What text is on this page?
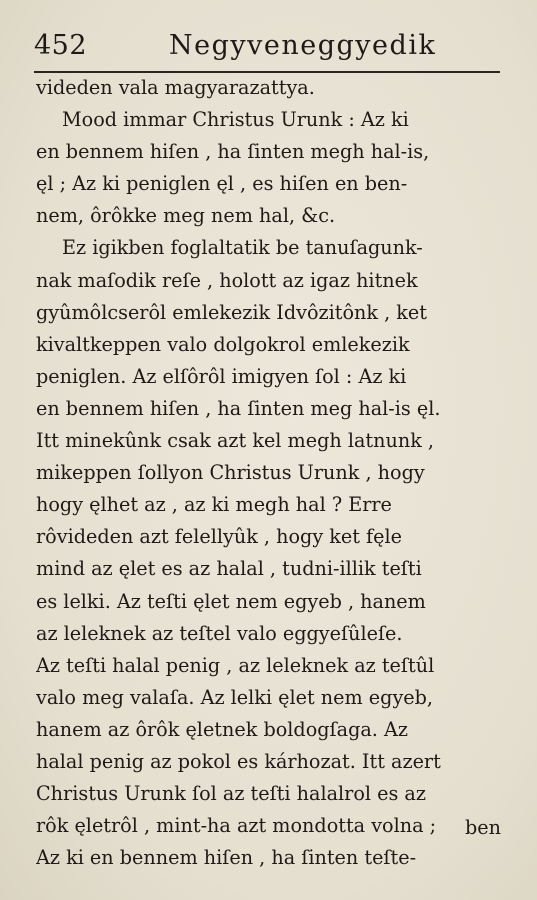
452	Negyveneggyedik
videden vala magyarazattya.
Mood immar Christus Urunk : Az ki
en bennem hiſen , ha ſinten megh hal-is,
ęl ; Az ki peniglen ęl , es hiſen en ben-
nem, ôrôkke meg nem hal, &c.
Ez igikben foglaltatik be tanuſagunk-
nak maſodik reſe , holott az igaz hitnek
gyûmôlcserôl emlekezik Idvôzitônk , ket
kivaltkeppen valo dolgokrol emlekezik
peniglen. Az elſôrôl imigyen ſol : Az ki
en bennem hiſen , ha ſinten meg hal-is ęl.
Itt minekûnk csak azt kel megh latnunk ,
mikeppen ſollyon Christus Urunk , hogy
hogy ęlhet az , az ki megh hal ? Erre
rôvideden azt felellyûk , hogy ket fęle
mind az ęlet es az halal , tudni-illik teſti
es lelki. Az teſti ęlet nem egyeb , hanem
az leleknek az teſtel valo eggyeſûleſe.
Az teſti halal penig , az leleknek az teſtûl
valo meg valaſa. Az lelki ęlet nem egyeb,
hanem az ôrôk ęletnek boldogſaga. Az
halal penig az pokol es kárhozat. Itt azert
Christus Urunk ſol az teſti halalrol es az
rôk ęletrôl , mint-ha azt mondotta volna ;
Az ki en bennem hiſen , ha ſinten teſte-
ben
